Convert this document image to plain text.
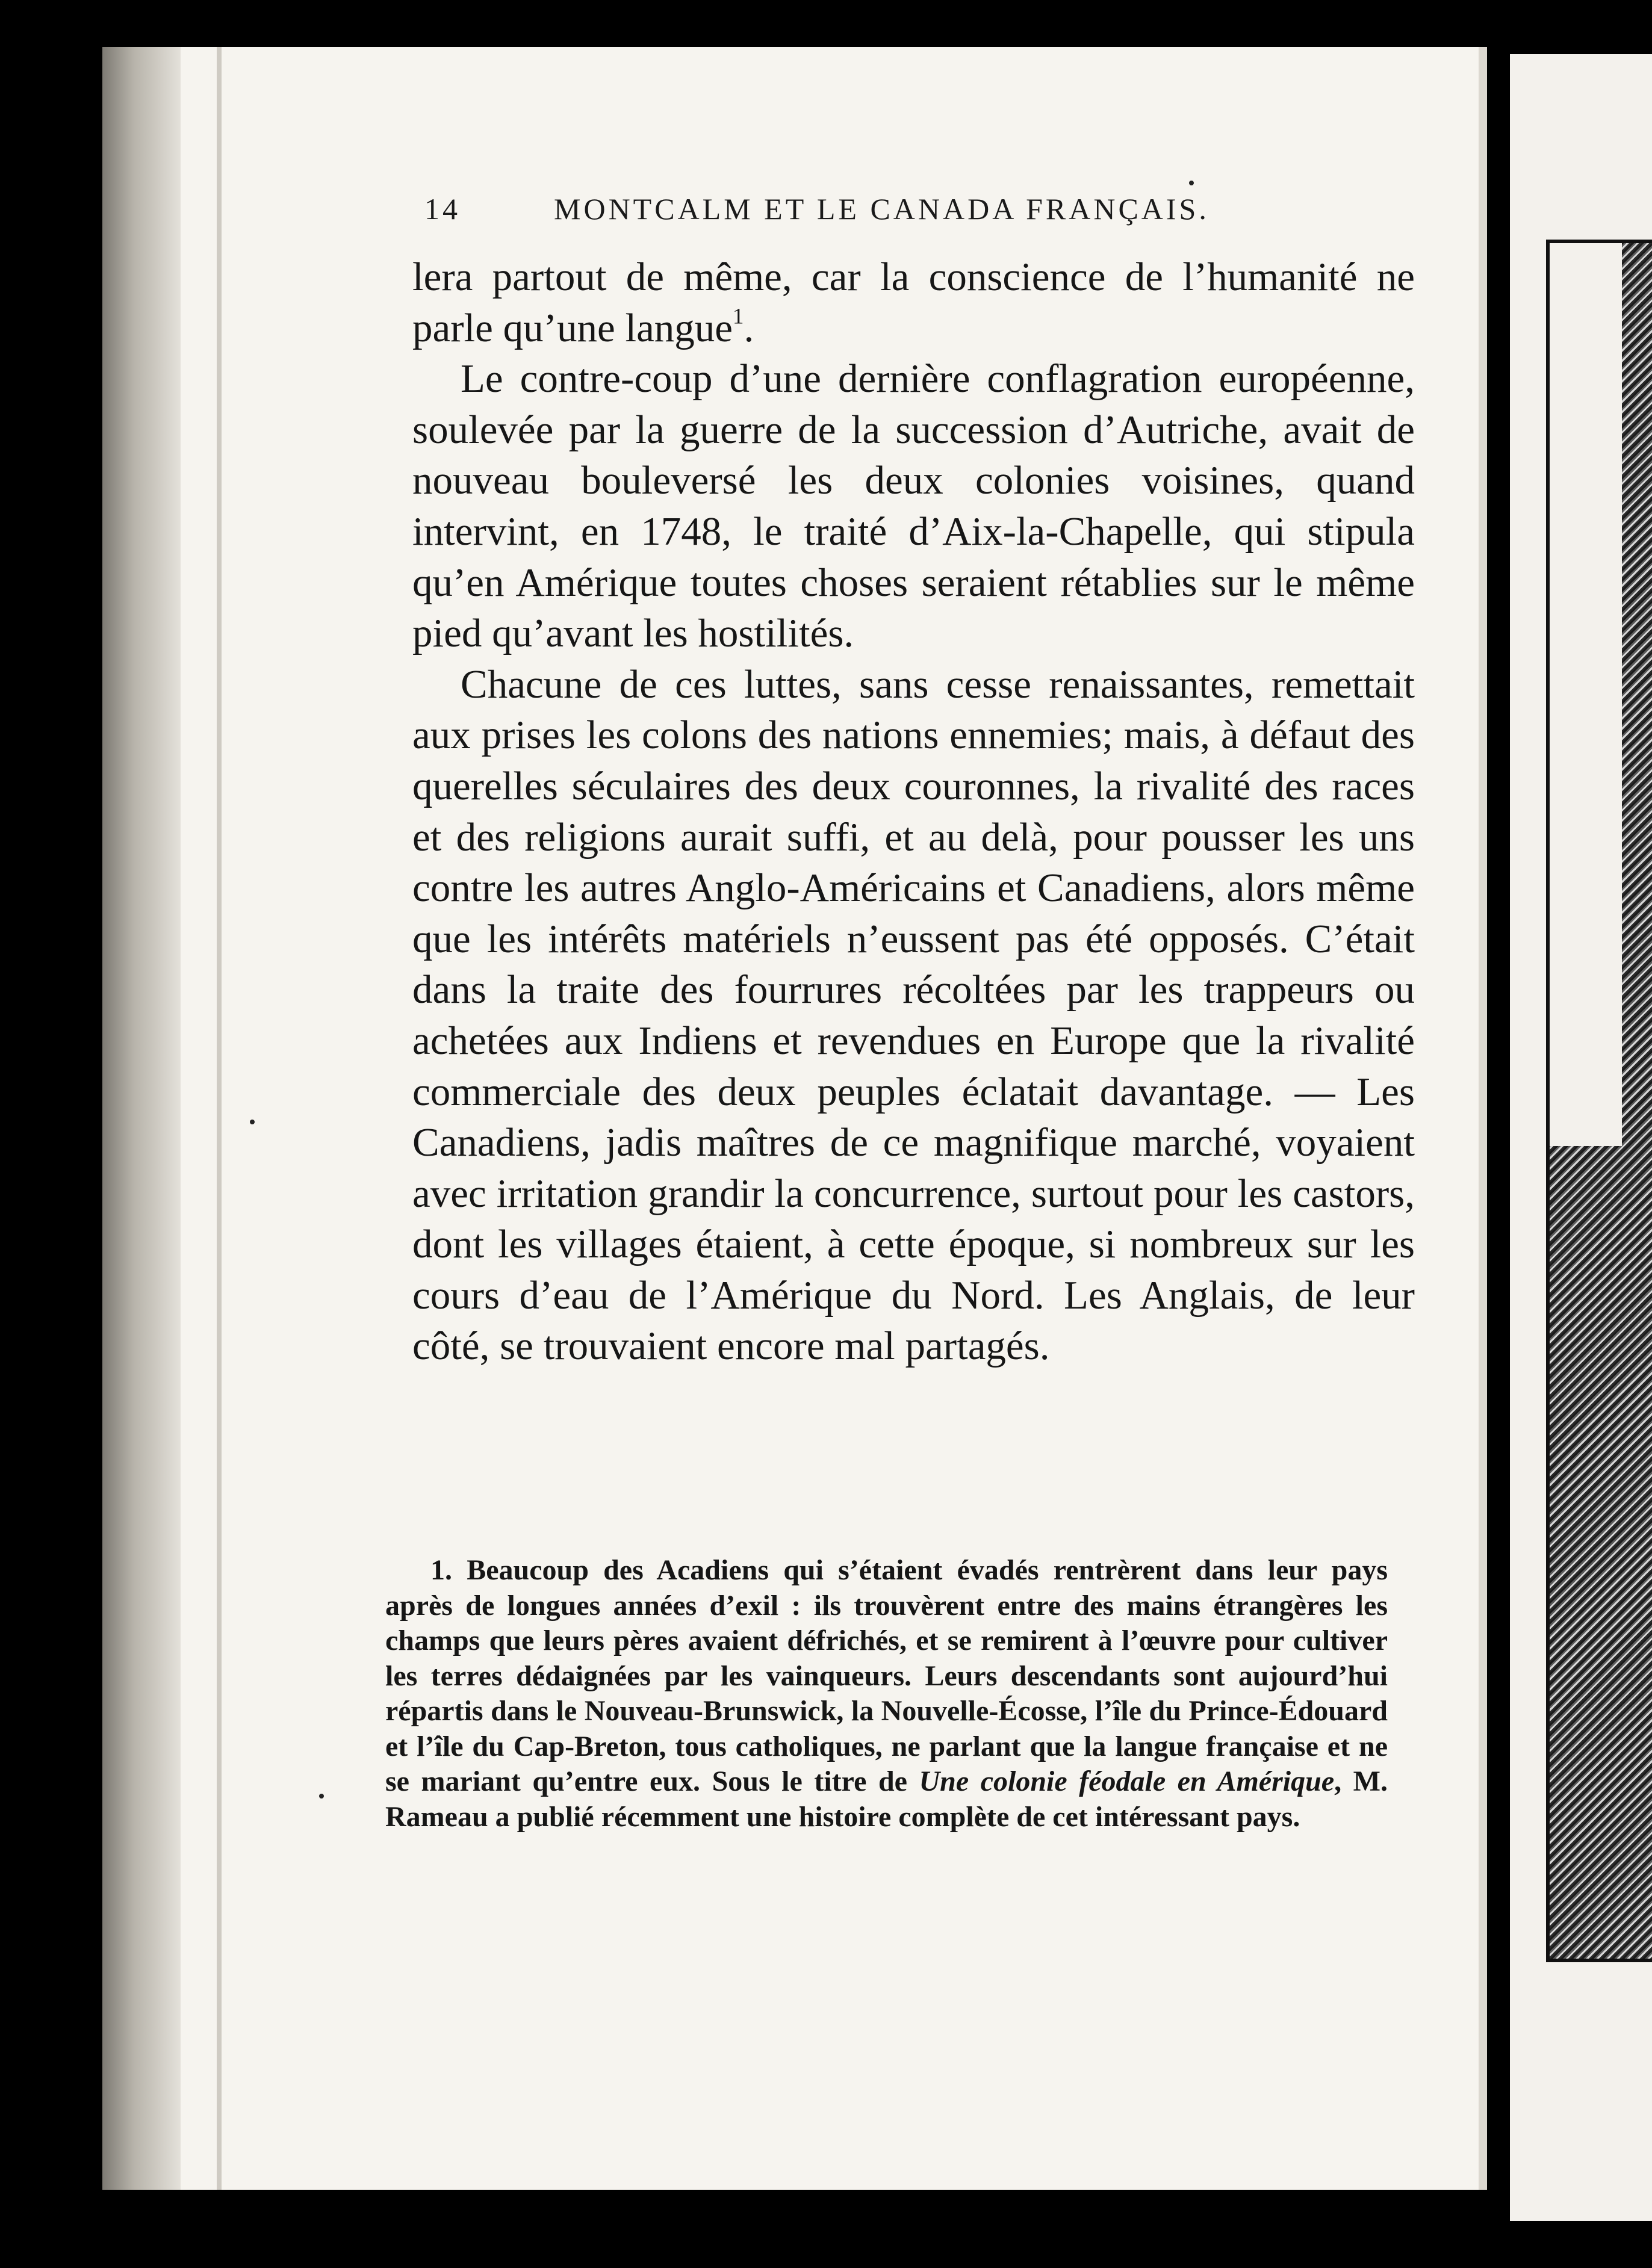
14	MONTCALM ET LE CANADA FRANÇAIS.

lera partout de même, car la conscience de l’humanité ne parle qu’une langue$^1$.

Le contre-coup d’une dernière conflagration européenne, soulevée par la guerre de la succession d’Autriche, avait de nouveau bouleversé les deux colonies voisines, quand intervint, en 1748, le traité d’Aix-la-Chapelle, qui stipula qu’en Amérique toutes choses seraient rétablies sur le même pied qu’avant les hostilités.

Chacune de ces luttes, sans cesse renaissantes, remettait aux prises les colons des nations ennemies; mais, à défaut des querelles séculaires des deux couronnes, la rivalité des races et des religions aurait suffi, et au delà, pour pousser les uns contre les autres Anglo-Américains et Canadiens, alors même que les intérêts matériels n’eussent pas été opposés. C’était dans la traite des fourrures récoltées par les trappeurs ou achetées aux Indiens et revendues en Europe que la rivalité commerciale des deux peuples éclatait davantage. — Les Canadiens, jadis maîtres de ce magnifique marché, voyaient avec irritation grandir la concurrence, surtout pour les castors, dont les villages étaient, à cette époque, si nombreux sur les cours d’eau de l’Amérique du Nord. Les Anglais, de leur côté, se trouvaient encore mal partagés.

1. Beaucoup des Acadiens qui s’étaient évadés rentrèrent dans leur pays après de longues années d’exil : ils trouvèrent entre des mains étrangères les champs que leurs pères avaient défrichés, et se remirent à l’œuvre pour cultiver les terres dédaignées par les vainqueurs. Leurs descendants sont aujourd’hui répartis dans le Nouveau-Brunswick, la Nouvelle-Écosse, l’île du Prince-Édouard et l’île du Cap-Breton, tous catholiques, ne parlant que la langue française et ne se mariant qu’entre eux. Sous le titre de Une colonie féodale en Amérique, M. Rameau a publié récemment une histoire complète de cet intéressant pays.
